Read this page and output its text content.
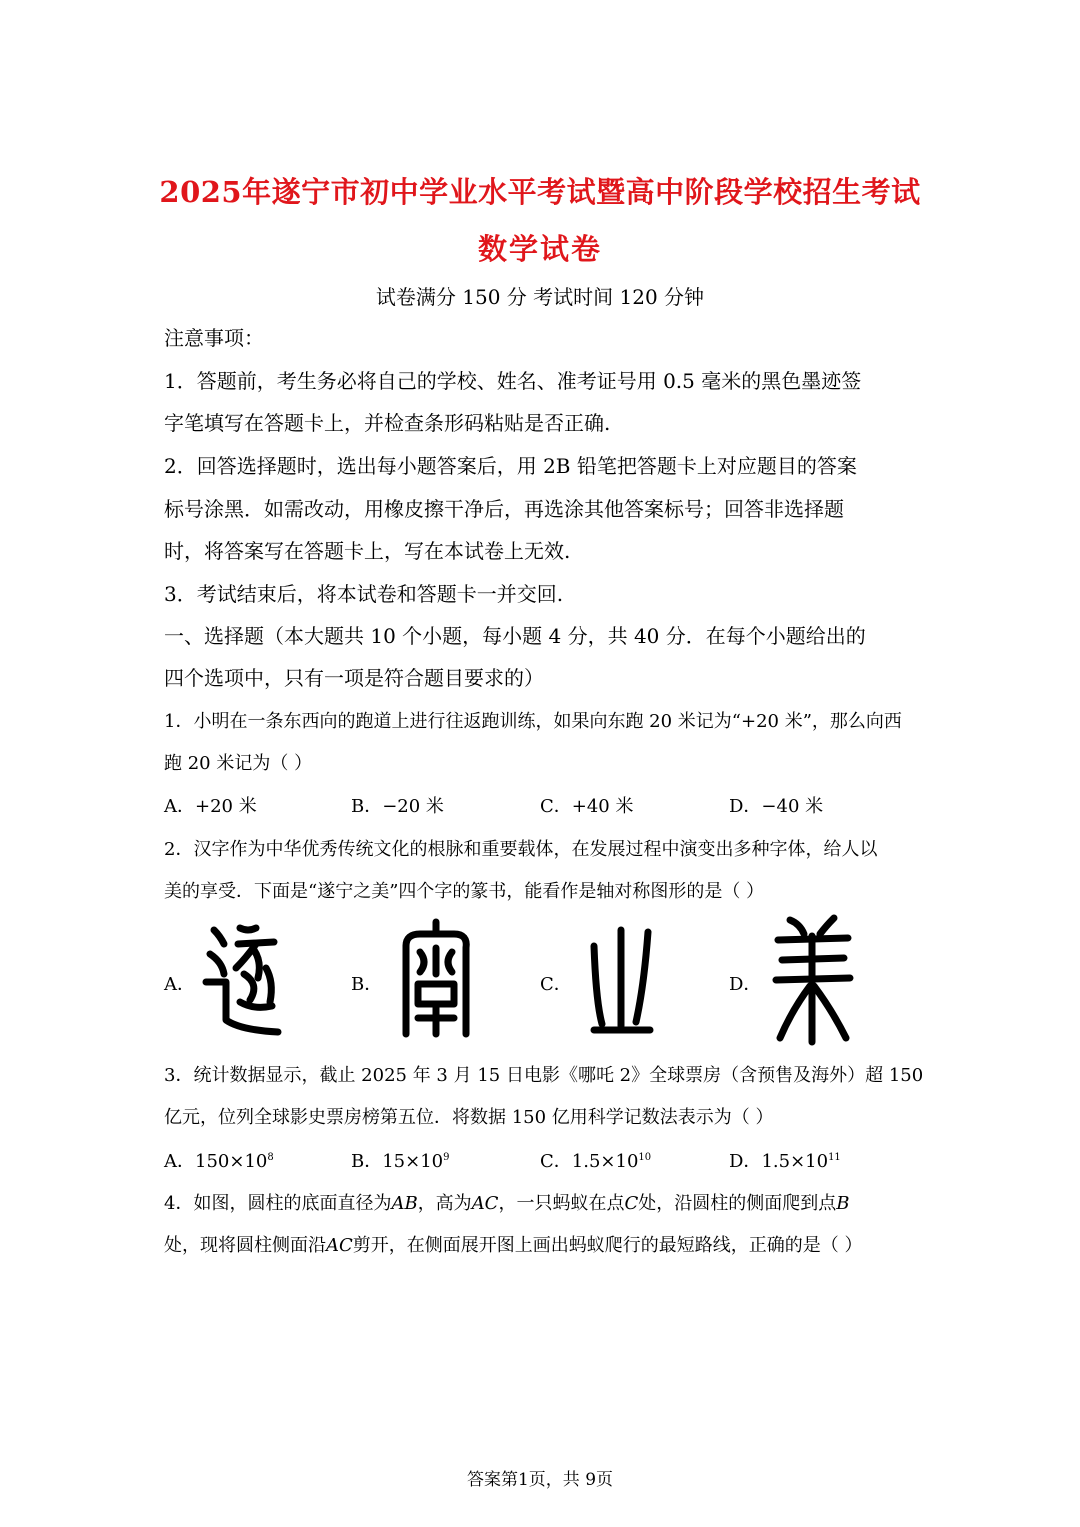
2025年遂宁市初中学业水平考试暨高中阶段学校招生考试
数学试卷
试卷满分 150 分 考试时间 120 分钟
注意事项：
1．答题前，考生务必将自己的学校、姓名、准考证号用 0.5 毫米的黑色墨迹签
字笔填写在答题卡上，并检查条形码粘贴是否正确.
2．回答选择题时，选出每小题答案后，用 2B 铅笔把答题卡上对应题目的答案
标号涂黑．如需改动，用橡皮擦干净后，再选涂其他答案标号；回答非选择题
时，将答案写在答题卡上，写在本试卷上无效.
3．考试结束后，将本试卷和答题卡一并交回.
一、选择题（本大题共 10 个小题，每小题 4 分，共 40 分．在每个小题给出的
四个选项中，只有一项是符合题目要求的）
1．小明在一条东西向的跑道上进行往返跑训练，如果向东跑 20 米记为“+20 米”，那么向西
跑 20 米记为（ ）
A．+20 米	B．−20 米	C．+40 米	D．−40 米
2．汉字作为中华优秀传统文化的根脉和重要载体，在发展过程中演变出多种字体，给人以
美的享受．下面是“遂宁之美”四个字的篆书，能看作是轴对称图形的是（ ）
A．	B．	C．	D．
3．统计数据显示，截止 2025 年 3 月 15 日电影《哪吒 2》全球票房（含预售及海外）超 150
亿元，位列全球影史票房榜第五位．将数据 150 亿用科学记数法表示为（ ）
A．$150\times 10^8$	B．$15\times 10^9$	C．$1.5\times 10^{10}$	D．$1.5\times 10^{11}$
4．如图，圆柱的底面直径为AB，高为AC，一只蚂蚁在点C处，沿圆柱的侧面爬到点B
处，现将圆柱侧面沿AC剪开，在侧面展开图上画出蚂蚁爬行的最短路线，正确的是（ ）
答案第1页，共 9页
